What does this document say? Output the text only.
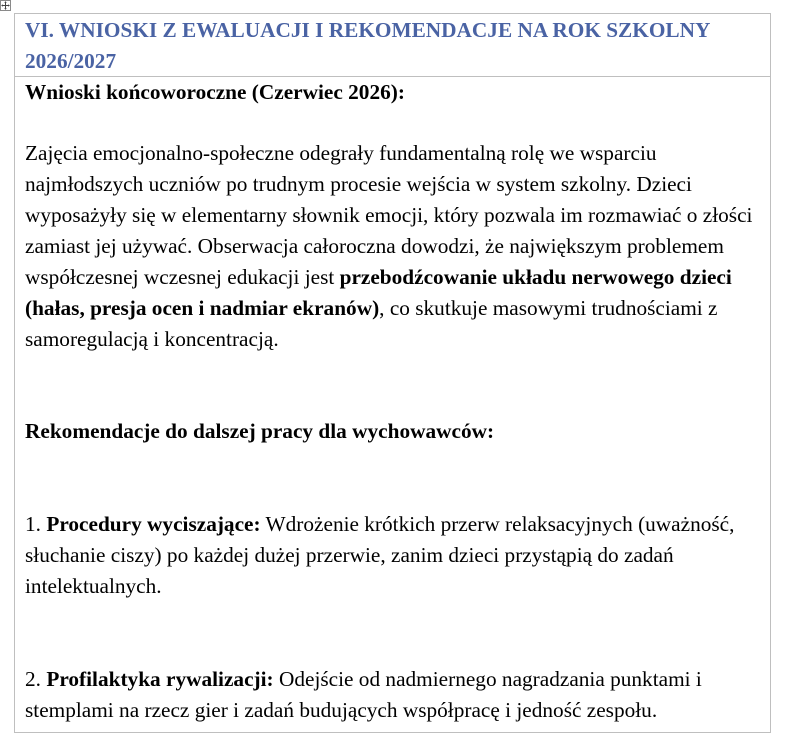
VI. WNIOSKI Z EWALUACJI I REKOMENDACJE NA ROK SZKOLNY 2026/2027

Wnioski końcoworoczne (Czerwiec 2026):

Zajęcia emocjonalno-społeczne odegrały fundamentalną rolę we wsparciu najmłodszych uczniów po trudnym procesie wejścia w system szkolny. Dzieci wyposażyły się w elementarny słownik emocji, który pozwala im rozmawiać o złości zamiast jej używać. Obserwacja całoroczna dowodzi, że największym problemem współczesnej wczesnej edukacji jest przebodźcowanie układu nerwowego dzieci (hałas, presja ocen i nadmiar ekranów), co skutkuje masowymi trudnościami z samoregulacją i koncentracją.

Rekomendacje do dalszej pracy dla wychowawców:

1. Procedury wyciszające: Wdrożenie krótkich przerw relaksacyjnych (uważność, słuchanie ciszy) po każdej dużej przerwie, zanim dzieci przystąpią do zadań intelektualnych.

2. Profilaktyka rywalizacji: Odejście od nadmiernego nagradzania punktami i stemplami na rzecz gier i zadań budujących współpracę i jedność zespołu.
